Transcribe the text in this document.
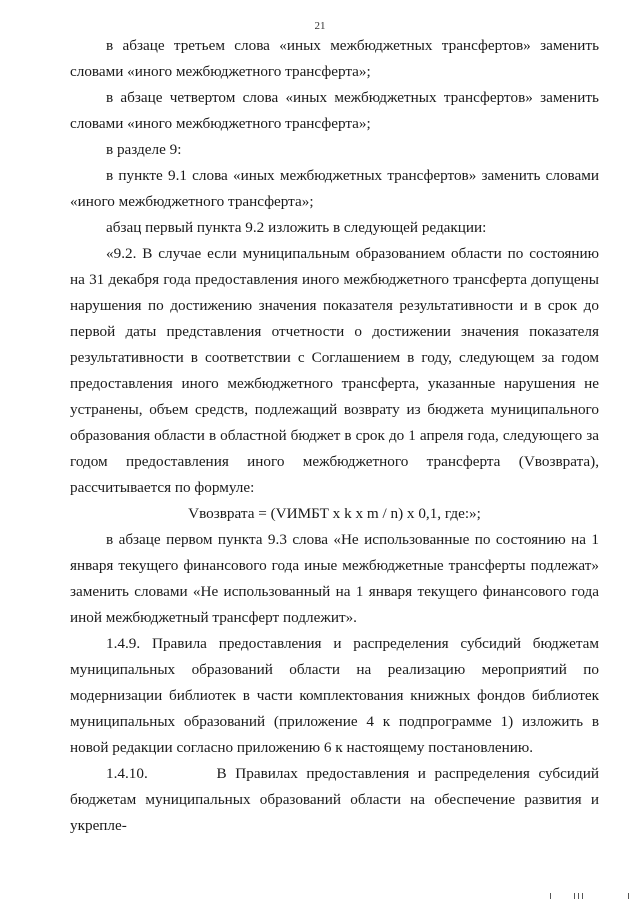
21

в абзаце третьем слова «иных межбюджетных трансфертов» заменить словами «иного межбюджетного трансферта»;

в абзаце четвертом слова «иных межбюджетных трансфертов» заменить словами «иного межбюджетного трансферта»;

в разделе 9:

в пункте 9.1 слова «иных межбюджетных трансфертов» заменить словами «иного межбюджетного трансферта»;

абзац первый пункта 9.2 изложить в следующей редакции:

«9.2. В случае если муниципальным образованием области по состоянию на 31 декабря года предоставления иного межбюджетного трансферта допущены нарушения по достижению значения показателя результативности и в срок до первой даты представления отчетности о достижении значения показателя результативности в соответствии с Соглашением в году, следующем за годом предоставления иного межбюджетного трансферта, указанные нарушения не устранены, объем средств, подлежащий возврату из бюджета муниципального образования области в областной бюджет в срок до 1 апреля года, следующего за годом предоставления иного межбюджетного трансферта (Vвозврата), рассчитывается по формуле:

Vвозврата = (VИМБТ x k x m / n) x 0,1, где:»;

в абзаце первом пункта 9.3 слова «Не использованные по состоянию на 1 января текущего финансового года иные межбюджетные трансферты подлежат» заменить словами «Не использованный на 1 января текущего финансового года иной межбюджетный трансферт подлежит».

1.4.9. Правила предоставления и распределения субсидий бюджетам муниципальных образований области на реализацию мероприятий по модернизации библиотек в части комплектования книжных фондов библиотек муниципальных образований (приложение 4 к подпрограмме 1) изложить в новой редакции согласно приложению 6 к настоящему постановлению.

1.4.10.        В Правилах предоставления и распределения субсидий бюджетам муниципальных образований области на обеспечение развития и укрепле-
